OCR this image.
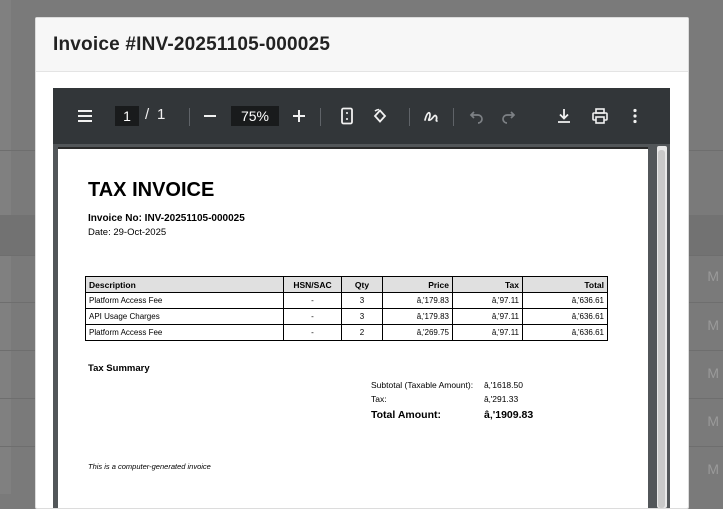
M
M
M
M
M
Invoice #INV-20251105-000025
1 / 1	75%
TAX INVOICE
Invoice No: INV-20251105-000025
Date: 29-Oct-2025
Description	HSN/SAC	Qty	Price	Tax	Total
Platform Access Fee	-	3	â‚'179.83	â‚'97.11	â‚'636.61
API Usage Charges	-	3	â‚'179.83	â‚'97.11	â‚'636.61
Platform Access Fee	-	2	â‚'269.75	â‚'97.11	â‚'636.61
Tax Summary
Subtotal (Taxable Amount): â‚'1618.50
Tax:	â‚'291.33
Total Amount:	â‚'1909.83
This is a computer-generated invoice
